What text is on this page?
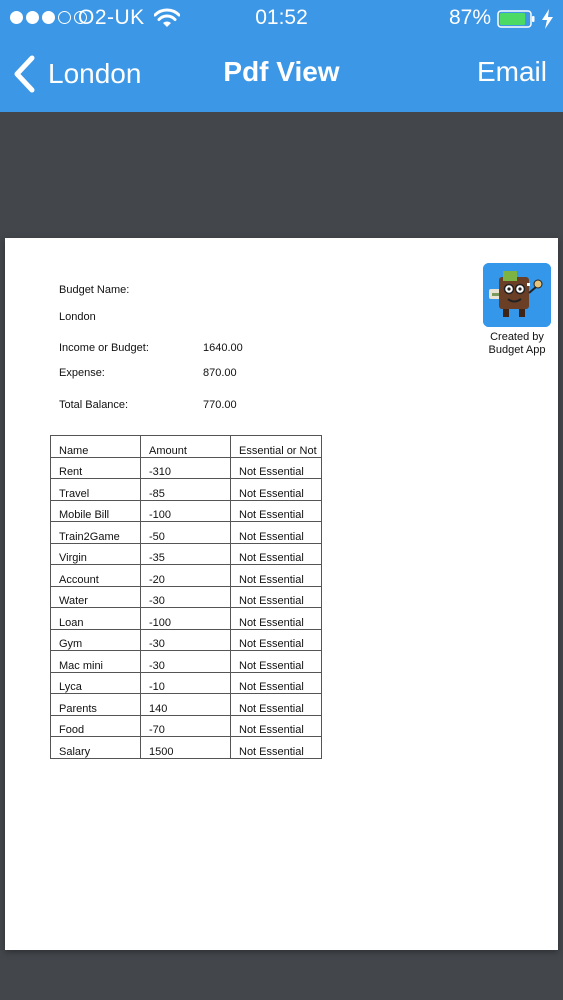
O2-UK	01:52	87%
London	Pdf View	Email
Budget Name:
London
Income or Budget:	1640.00
Expense:	870.00
Total Balance:	770.00
Created by
Budget App
Name	Amount	Essential or Not
Rent	-310	Not Essential
Travel	-85	Not Essential
Mobile Bill	-100	Not Essential
Train2Game	-50	Not Essential
Virgin	-35	Not Essential
Account	-20	Not Essential
Water	-30	Not Essential
Loan	-100	Not Essential
Gym	-30	Not Essential
Mac mini	-30	Not Essential
Lyca	-10	Not Essential
Parents	140	Not Essential
Food	-70	Not Essential
Salary	1500	Not Essential
